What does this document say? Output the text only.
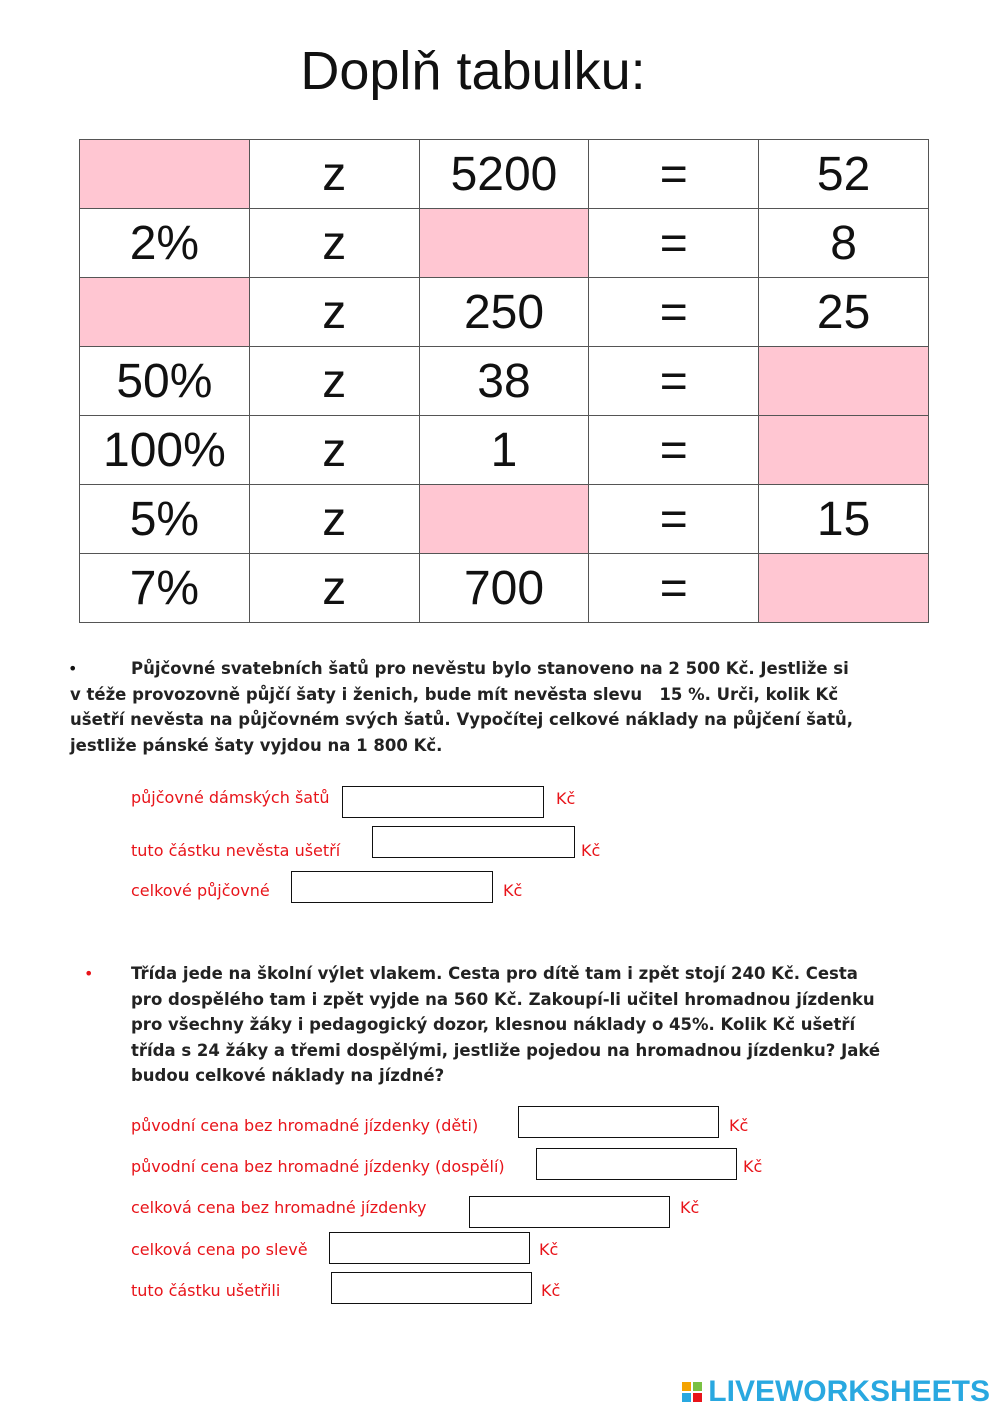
Doplň tabulku:
	z	5200	=	52
2%	z		=	8
	z	250	=	25
50%	z	38	=	
100%	z	1	=	
5%	z		=	15
7%	z	700	=	
•	Půjčovné svatebních šatů pro nevěstu bylo stanoveno na 2 500 Kč. Jestliže si
v téže provozovně půjčí šaty i ženich, bude mít nevěsta slevu   15 %. Urči, kolik Kč
ušetří nevěsta na půjčovném svých šatů. Vypočítej celkové náklady na půjčení šatů,
jestliže pánské šaty vyjdou na 1 800 Kč.
půjčovné dámských šatů	Kč
tuto částku nevěsta ušetří	Kč
celkové půjčovné	Kč
• Třída jede na školní výlet vlakem. Cesta pro dítě tam i zpět stojí 240 Kč. Cesta
pro dospělého tam i zpět vyjde na 560 Kč. Zakoupí-li učitel hromadnou jízdenku
pro všechny žáky i pedagogický dozor, klesnou náklady o 45%. Kolik Kč ušetří
třída s 24 žáky a třemi dospělými, jestliže pojedou na hromadnou jízdenku? Jaké
budou celkové náklady na jízdné?
původní cena bez hromadné jízdenky (děti)	Kč
původní cena bez hromadné jízdenky (dospělí)	Kč
celková cena bez hromadné jízdenky	Kč
celková cena po slevě	Kč
tuto částku ušetřili	Kč
LIVEWORKSHEETS
